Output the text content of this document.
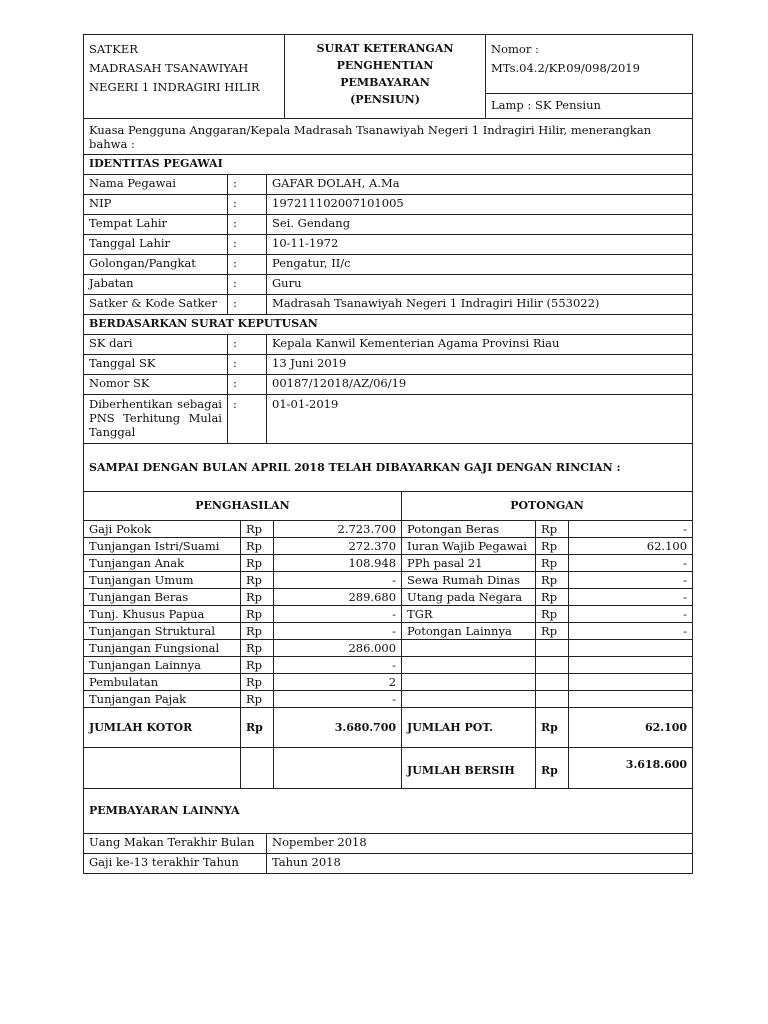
SATKER
MADRASAH TSANAWIYAH
NEGERI 1 INDRAGIRI HILIR

SURAT KETERANGAN
PENGHENTIAN PEMBAYARAN
(PENSIUN)

Nomor :
MTs.04.2/KP.09/098/2019

Lamp : SK Pensiun
Kuasa Pengguna Anggaran/Kepala Madrasah Tsanawiyah Negeri 1 Indragiri Hilir, menerangkan bahwa :		
IDENTITAS PEGAWAI		
Nama Pegawai	:	GAFAR DOLAH, A.Ma
NIP	:	197211102007101005
Tempat Lahir	:	Sei. Gendang
Tanggal Lahir	:	10-11-1972
Golongan/Pangkat	:	Pengatur, II/c
Jabatan	:	Guru
Satker & Kode Satker	:	Madrasah Tsanawiyah Negeri 1 Indragiri Hilir (553022)
BERDASARKAN SURAT KEPUTUSAN		
SK dari	:	Kepala Kanwil Kementerian Agama Provinsi Riau
Tanggal SK	:	13 Juni 2019
Nomor SK	:	00187/12018/AZ/06/19

Diberhentikan sebagai
PNS Terhitung Mulai
Tanggal	:	01-01-2019
SAMPAI DENGAN BULAN APRIL 2018 TELAH DIBAYARKAN GAJI DENGAN RINCIAN :		
PENGHASILAN			POTONGAN		
Gaji Pokok	Rp	2.723.700	Potongan Beras	Rp	-
Tunjangan Istri/Suami	Rp	272.370	Iuran Wajib Pegawai	Rp	62.100
Tunjangan Anak	Rp	108.948	PPh pasal 21	Rp	-
Tunjangan Umum	Rp	-	Sewa Rumah Dinas	Rp	-
Tunjangan Beras	Rp	289.680	Utang pada Negara	Rp	-
Tunj. Khusus Papua	Rp	-	TGR	Rp	-
Tunjangan Struktural	Rp	-	Potongan Lainnya	Rp	-
Tunjangan Fungsional	Rp	286.000			
Tunjangan Lainnya	Rp	-			
Pembulatan	Rp	2			
Tunjangan Pajak	Rp	-			
JUMLAH KOTOR	Rp	3.680.700	JUMLAH POT.	Rp	62.100
			JUMLAH BERSIH	Rp	3.618.600
PEMBAYARAN LAINNYA	
Uang Makan Terakhir Bulan	Nopember 2018
Gaji ke-13 terakhir Tahun	Tahun 2018
